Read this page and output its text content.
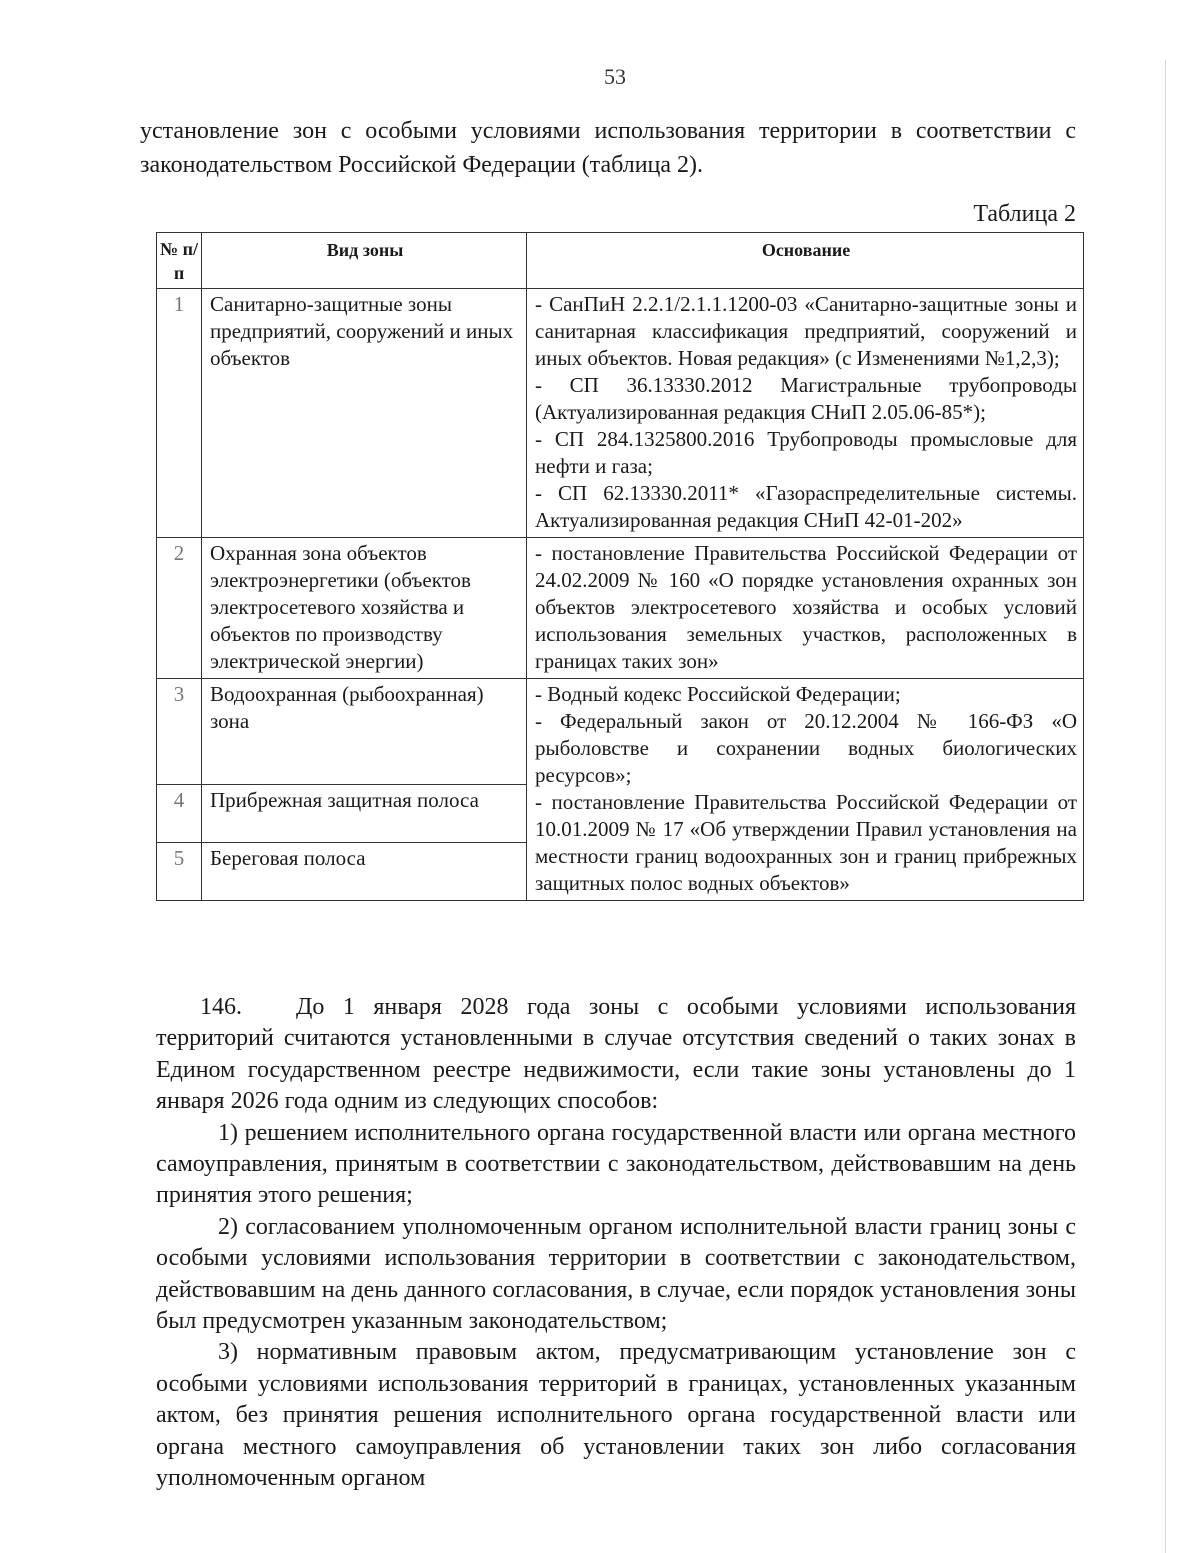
53

установление зон с особыми условиями использования территории в соответствии с законодательством Российской Федерации (таблица 2).

Таблица 2
№ п/п	Вид зоны	Основание
1	Санитарно-защитные зоны предприятий, сооружений и иных объектов	- СанПиН 2.2.1/2.1.1.1200-03 «Санитарно-защитные зоны и санитарная классификация предприятий, сооружений и иных объектов. Новая редакция» (с Изменениями №1,2,3);

- СП 36.13330.2012 Магистральные трубопроводы (Актуализированная редакция СНиП 2.05.06-85*);

- СП 284.1325800.2016 Трубопроводы промысловые для нефти и газа;

- СП 62.13330.2011* «Газораспределительные системы. Актуализированная редакция СНиП 42-01-202»

2	Охранная зона объектов электроэнергетики (объектов электросетевого хозяйства и объектов по производству электрической энергии)	- постановление Правительства Российской Федерации от 24.02.2009 № 160 «О порядке установления охранных зон объектов электросетевого хозяйства и особых условий использования земельных участков, расположенных в границах таких зон»

3	Водоохранная (рыбоохранная) зона	- Водный кодекс Российской Федерации;

- Федеральный закон от 20.12.2004 № 166-ФЗ «О рыболовстве и сохранении водных биологических ресурсов»;

- постановление Правительства Российской Федерации от 10.01.2009 № 17 «Об утверждении Правил установления на местности границ водоохранных зон и границ прибрежных защитных полос водных объектов»

4	Прибрежная защитная полоса	
5	Береговая полоса	

146. До 1 января 2028 года зоны с особыми условиями использования территорий считаются установленными в случае отсутствия сведений о таких зонах в Едином государственном реестре недвижимости, если такие зоны установлены до 1 января 2026 года одним из следующих способов:

1) решением исполнительного органа государственной власти или органа местного самоуправления, принятым в соответствии с законодательством, действовавшим на день принятия этого решения;

2) согласованием уполномоченным органом исполнительной власти границ зоны с особыми условиями использования территории в соответствии с законодательством, действовавшим на день данного согласования, в случае, если порядок установления зоны был предусмотрен указанным законодательством;

3) нормативным правовым актом, предусматривающим установление зон с особыми условиями использования территорий в границах, установленных указанным актом, без принятия решения исполнительного органа государственной власти или органа местного самоуправления об установлении таких зон либо согласования уполномоченным органом
